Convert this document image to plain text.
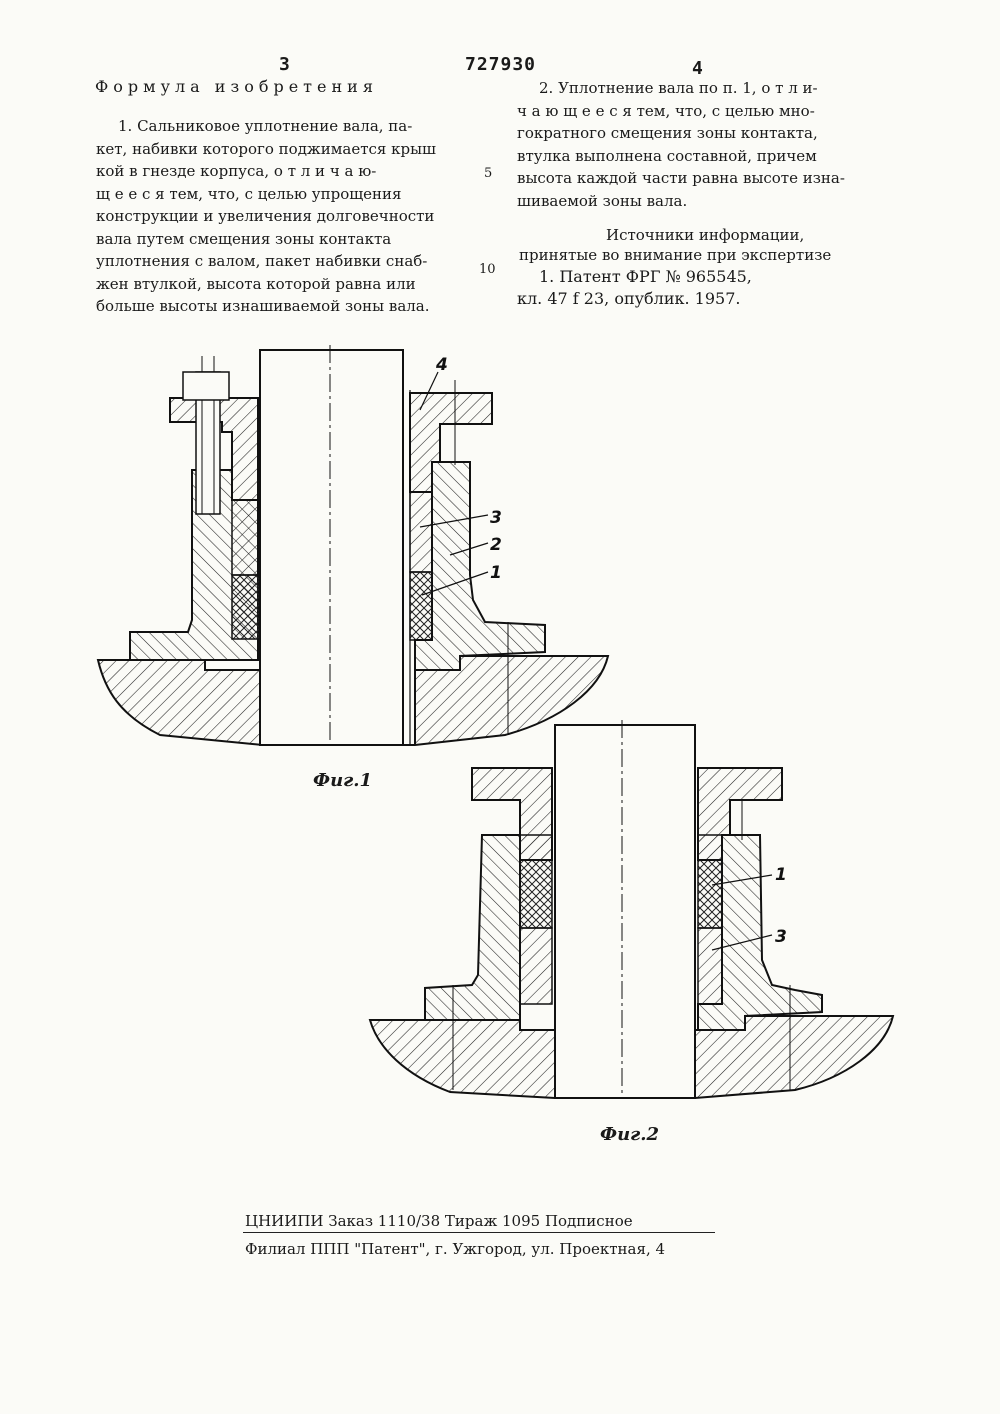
3	727930	4
Формула изобретения
1. Сальниковое уплотнение вала, па-
кет, набивки которого поджимается крыш
кой в гнезде корпуса, о т л и ч а ю-
щ е е с я тем, что, с целью упрощения
конструкции и увеличения долговечности
вала путем смещения зоны контакта
уплотнения с валом, пакет набивки снаб-
жен втулкой, высота которой равна или
больше высоты изнашиваемой зоны вала.
5
10
2. Уплотнение вала по п. 1, о т л и-
ч а ю щ е е с я тем, что, с целью мно-
гократного смещения зоны контакта,
втулка выполнена составной, причем
высота каждой части равна высоте изна-
шиваемой зоны вала.
Источники информации,
принятые во внимание при экспертизе
1. Патент ФРГ № 965545,
кл. 47 f 23, опублик. 1957.
4
3
2
1
1
3
Фиг.1
Фиг.2
ЦНИИПИ Заказ 1110/38 Тираж 1095 Подписное
Филиал ППП "Патент", г. Ужгород, ул. Проектная, 4
